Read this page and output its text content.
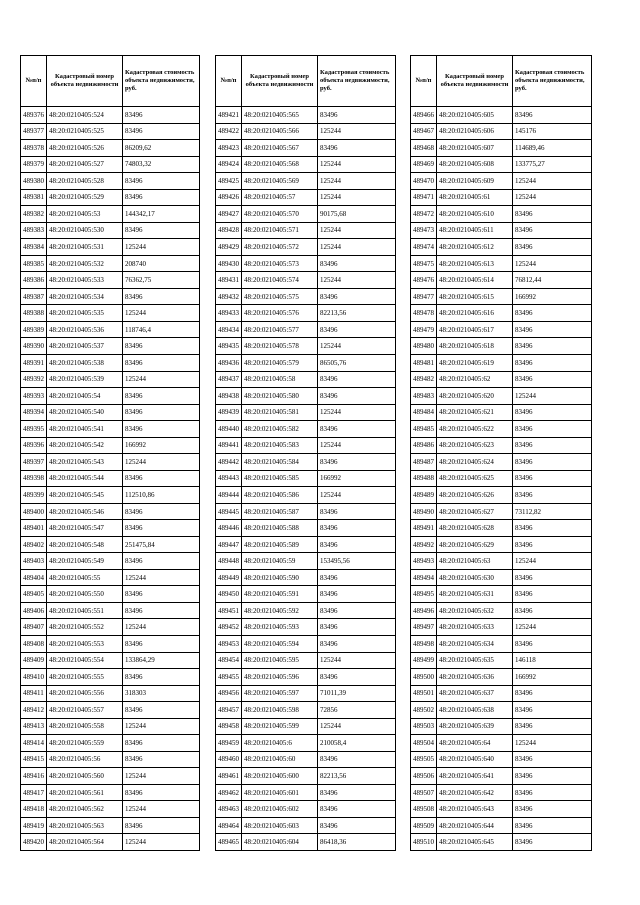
№п/п	Кадастровый номер объекта недвижимости	Кадастровая стоимость объекта недвижимости, руб.
489376	48:20:0210405:524	83496
489377	48:20:0210405:525	83496
489378	48:20:0210405:526	86209,62
489379	48:20:0210405:527	74803,32
489380	48:20:0210405:528	83496
489381	48:20:0210405:529	83496
489382	48:20:0210405:53	144342,17
489383	48:20:0210405:530	83496
489384	48:20:0210405:531	125244
489385	48:20:0210405:532	208740
489386	48:20:0210405:533	76362,75
489387	48:20:0210405:534	83496
489388	48:20:0210405:535	125244
489389	48:20:0210405:536	118746,4
489390	48:20:0210405:537	83496
489391	48:20:0210405:538	83496
489392	48:20:0210405:539	125244
489393	48:20:0210405:54	83496
489394	48:20:0210405:540	83496
489395	48:20:0210405:541	83496
489396	48:20:0210405:542	166992
489397	48:20:0210405:543	125244
489398	48:20:0210405:544	83496
489399	48:20:0210405:545	112510,86
489400	48:20:0210405:546	83496
489401	48:20:0210405:547	83496
489402	48:20:0210405:548	251475,84
489403	48:20:0210405:549	83496
489404	48:20:0210405:55	125244
489405	48:20:0210405:550	83496
489406	48:20:0210405:551	83496
489407	48:20:0210405:552	125244
489408	48:20:0210405:553	83496
489409	48:20:0210405:554	133864,29
489410	48:20:0210405:555	83496
489411	48:20:0210405:556	318303
489412	48:20:0210405:557	83496
489413	48:20:0210405:558	125244
489414	48:20:0210405:559	83496
489415	48:20:0210405:56	83496
489416	48:20:0210405:560	125244
489417	48:20:0210405:561	83496
489418	48:20:0210405:562	125244
489419	48:20:0210405:563	83496
489420	48:20:0210405:564	125244
№п/п	Кадастровый номер объекта недвижимости	Кадастровая стоимость объекта недвижимости, руб.
489421	48:20:0210405:565	83496
489422	48:20:0210405:566	125244
489423	48:20:0210405:567	83496
489424	48:20:0210405:568	125244
489425	48:20:0210405:569	125244
489426	48:20:0210405:57	125244
489427	48:20:0210405:570	90175,68
489428	48:20:0210405:571	125244
489429	48:20:0210405:572	125244
489430	48:20:0210405:573	83496
489431	48:20:0210405:574	125244
489432	48:20:0210405:575	83496
489433	48:20:0210405:576	82213,56
489434	48:20:0210405:577	83496
489435	48:20:0210405:578	125244
489436	48:20:0210405:579	86505,76
489437	48:20:0210405:58	83496
489438	48:20:0210405:580	83496
489439	48:20:0210405:581	125244
489440	48:20:0210405:582	83496
489441	48:20:0210405:583	125244
489442	48:20:0210405:584	83496
489443	48:20:0210405:585	166992
489444	48:20:0210405:586	125244
489445	48:20:0210405:587	83496
489446	48:20:0210405:588	83496
489447	48:20:0210405:589	83496
489448	48:20:0210405:59	153495,56
489449	48:20:0210405:590	83496
489450	48:20:0210405:591	83496
489451	48:20:0210405:592	83496
489452	48:20:0210405:593	83496
489453	48:20:0210405:594	83496
489454	48:20:0210405:595	125244
489455	48:20:0210405:596	83496
489456	48:20:0210405:597	71011,39
489457	48:20:0210405:598	72856
489458	48:20:0210405:599	125244
489459	48:20:0210405:6	210058,4
489460	48:20:0210405:60	83496
489461	48:20:0210405:600	82213,56
489462	48:20:0210405:601	83496
489463	48:20:0210405:602	83496
489464	48:20:0210405:603	83496
489465	48:20:0210405:604	86418,36
№п/п	Кадастровый номер объекта недвижимости	Кадастровая стоимость объекта недвижимости, руб.
489466	48:20:0210405:605	83496
489467	48:20:0210405:606	145176
489468	48:20:0210405:607	114689,46
489469	48:20:0210405:608	133775,27
489470	48:20:0210405:609	125244
489471	48:20:0210405:61	125244
489472	48:20:0210405:610	83496
489473	48:20:0210405:611	83496
489474	48:20:0210405:612	83496
489475	48:20:0210405:613	125244
489476	48:20:0210405:614	76812,44
489477	48:20:0210405:615	166992
489478	48:20:0210405:616	83496
489479	48:20:0210405:617	83496
489480	48:20:0210405:618	83496
489481	48:20:0210405:619	83496
489482	48:20:0210405:62	83496
489483	48:20:0210405:620	125244
489484	48:20:0210405:621	83496
489485	48:20:0210405:622	83496
489486	48:20:0210405:623	83496
489487	48:20:0210405:624	83496
489488	48:20:0210405:625	83496
489489	48:20:0210405:626	83496
489490	48:20:0210405:627	73112,82
489491	48:20:0210405:628	83496
489492	48:20:0210405:629	83496
489493	48:20:0210405:63	125244
489494	48:20:0210405:630	83496
489495	48:20:0210405:631	83496
489496	48:20:0210405:632	83496
489497	48:20:0210405:633	125244
489498	48:20:0210405:634	83496
489499	48:20:0210405:635	146118
489500	48:20:0210405:636	166992
489501	48:20:0210405:637	83496
489502	48:20:0210405:638	83496
489503	48:20:0210405:639	83496
489504	48:20:0210405:64	125244
489505	48:20:0210405:640	83496
489506	48:20:0210405:641	83496
489507	48:20:0210405:642	83496
489508	48:20:0210405:643	83496
489509	48:20:0210405:644	83496
489510	48:20:0210405:645	83496
